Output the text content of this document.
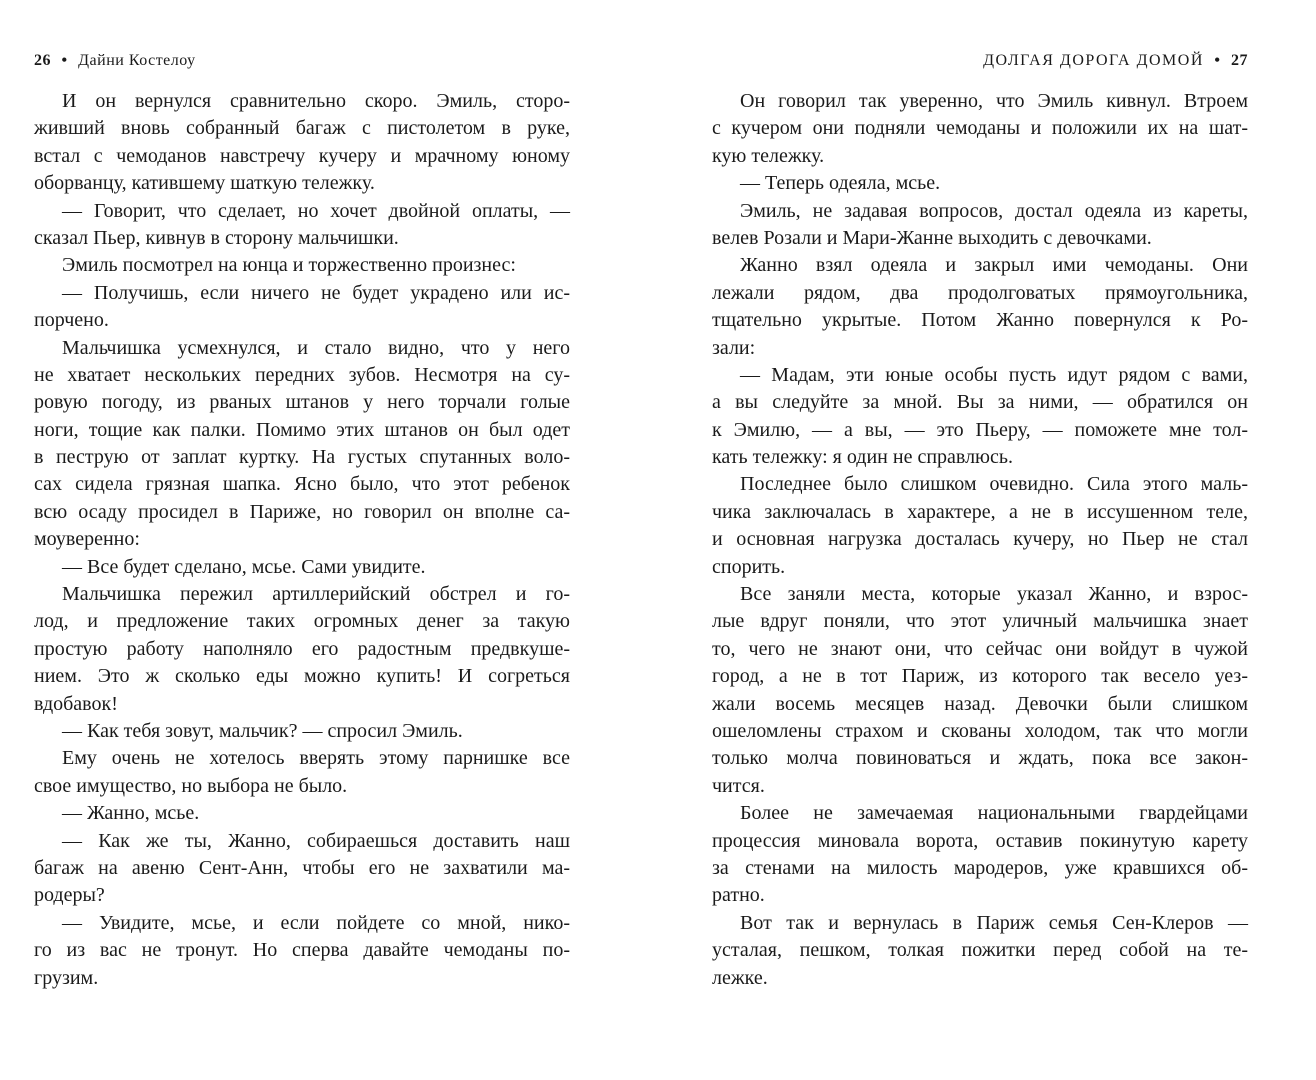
26 • Дайни Костелоу
И он вернулся сравнительно скоро. Эмиль, сторо-
живший вновь собранный багаж с пистолетом в руке,
встал с чемоданов навстречу кучеру и мрачному юному
оборванцу, катившему шаткую тележку.
— Говорит, что сделает, но хочет двойной оплаты, —
сказал Пьер, кивнув в сторону мальчишки.
Эмиль посмотрел на юнца и торжественно произнес:
— Получишь, если ничего не будет украдено или ис-
порчено.
Мальчишка усмехнулся, и стало видно, что у него
не хватает нескольких передних зубов. Несмотря на су-
ровую погоду, из рваных штанов у него торчали голые
ноги, тощие как палки. Помимо этих штанов он был одет
в пеструю от заплат куртку. На густых спутанных воло-
сах сидела грязная шапка. Ясно было, что этот ребенок
всю осаду просидел в Париже, но говорил он вполне са-
моуверенно:
— Все будет сделано, мсье. Сами увидите.
Мальчишка пережил артиллерийский обстрел и го-
лод, и предложение таких огромных денег за такую
простую работу наполняло его радостным предвкуше-
нием. Это ж сколько еды можно купить! И согреться
вдобавок!
— Как тебя зовут, мальчик? — спросил Эмиль.
Ему очень не хотелось вверять этому парнишке все
свое имущество, но выбора не было.
— Жанно, мсье.
— Как же ты, Жанно, собираешься доставить наш
багаж на авеню Сент-Анн, чтобы его не захватили ма-
родеры?
— Увидите, мсье, и если пойдете со мной, нико-
го из вас не тронут. Но сперва давайте чемоданы по-
грузим.
ДОЛГАЯ ДОРОГА ДОМОЙ • 27
Он говорил так уверенно, что Эмиль кивнул. Втроем
с кучером они подняли чемоданы и положили их на шат-
кую тележку.
— Теперь одеяла, мсье.
Эмиль, не задавая вопросов, достал одеяла из кареты,
велев Розали и Мари-Жанне выходить с девочками.
Жанно взял одеяла и закрыл ими чемоданы. Они
лежали рядом, два продолговатых прямоугольника,
тщательно укрытые. Потом Жанно повернулся к Ро-
зали:
— Мадам, эти юные особы пусть идут рядом с вами,
а вы следуйте за мной. Вы за ними, — обратился он
к Эмилю, — а вы, — это Пьеру, — поможете мне тол-
кать тележку: я один не справлюсь.
Последнее было слишком очевидно. Сила этого маль-
чика заключалась в характере, а не в иссушенном теле,
и основная нагрузка досталась кучеру, но Пьер не стал
спорить.
Все заняли места, которые указал Жанно, и взрос-
лые вдруг поняли, что этот уличный мальчишка знает
то, чего не знают они, что сейчас они войдут в чужой
город, а не в тот Париж, из которого так весело уез-
жали восемь месяцев назад. Девочки были слишком
ошеломлены страхом и скованы холодом, так что могли
только молча повиноваться и ждать, пока все закон-
чится.
Более не замечаемая национальными гвардейцами
процессия миновала ворота, оставив покинутую карету
за стенами на милость мародеров, уже кравшихся об-
ратно.
Вот так и вернулась в Париж семья Сен-Клеров —
усталая, пешком, толкая пожитки перед собой на те-
лежке.
